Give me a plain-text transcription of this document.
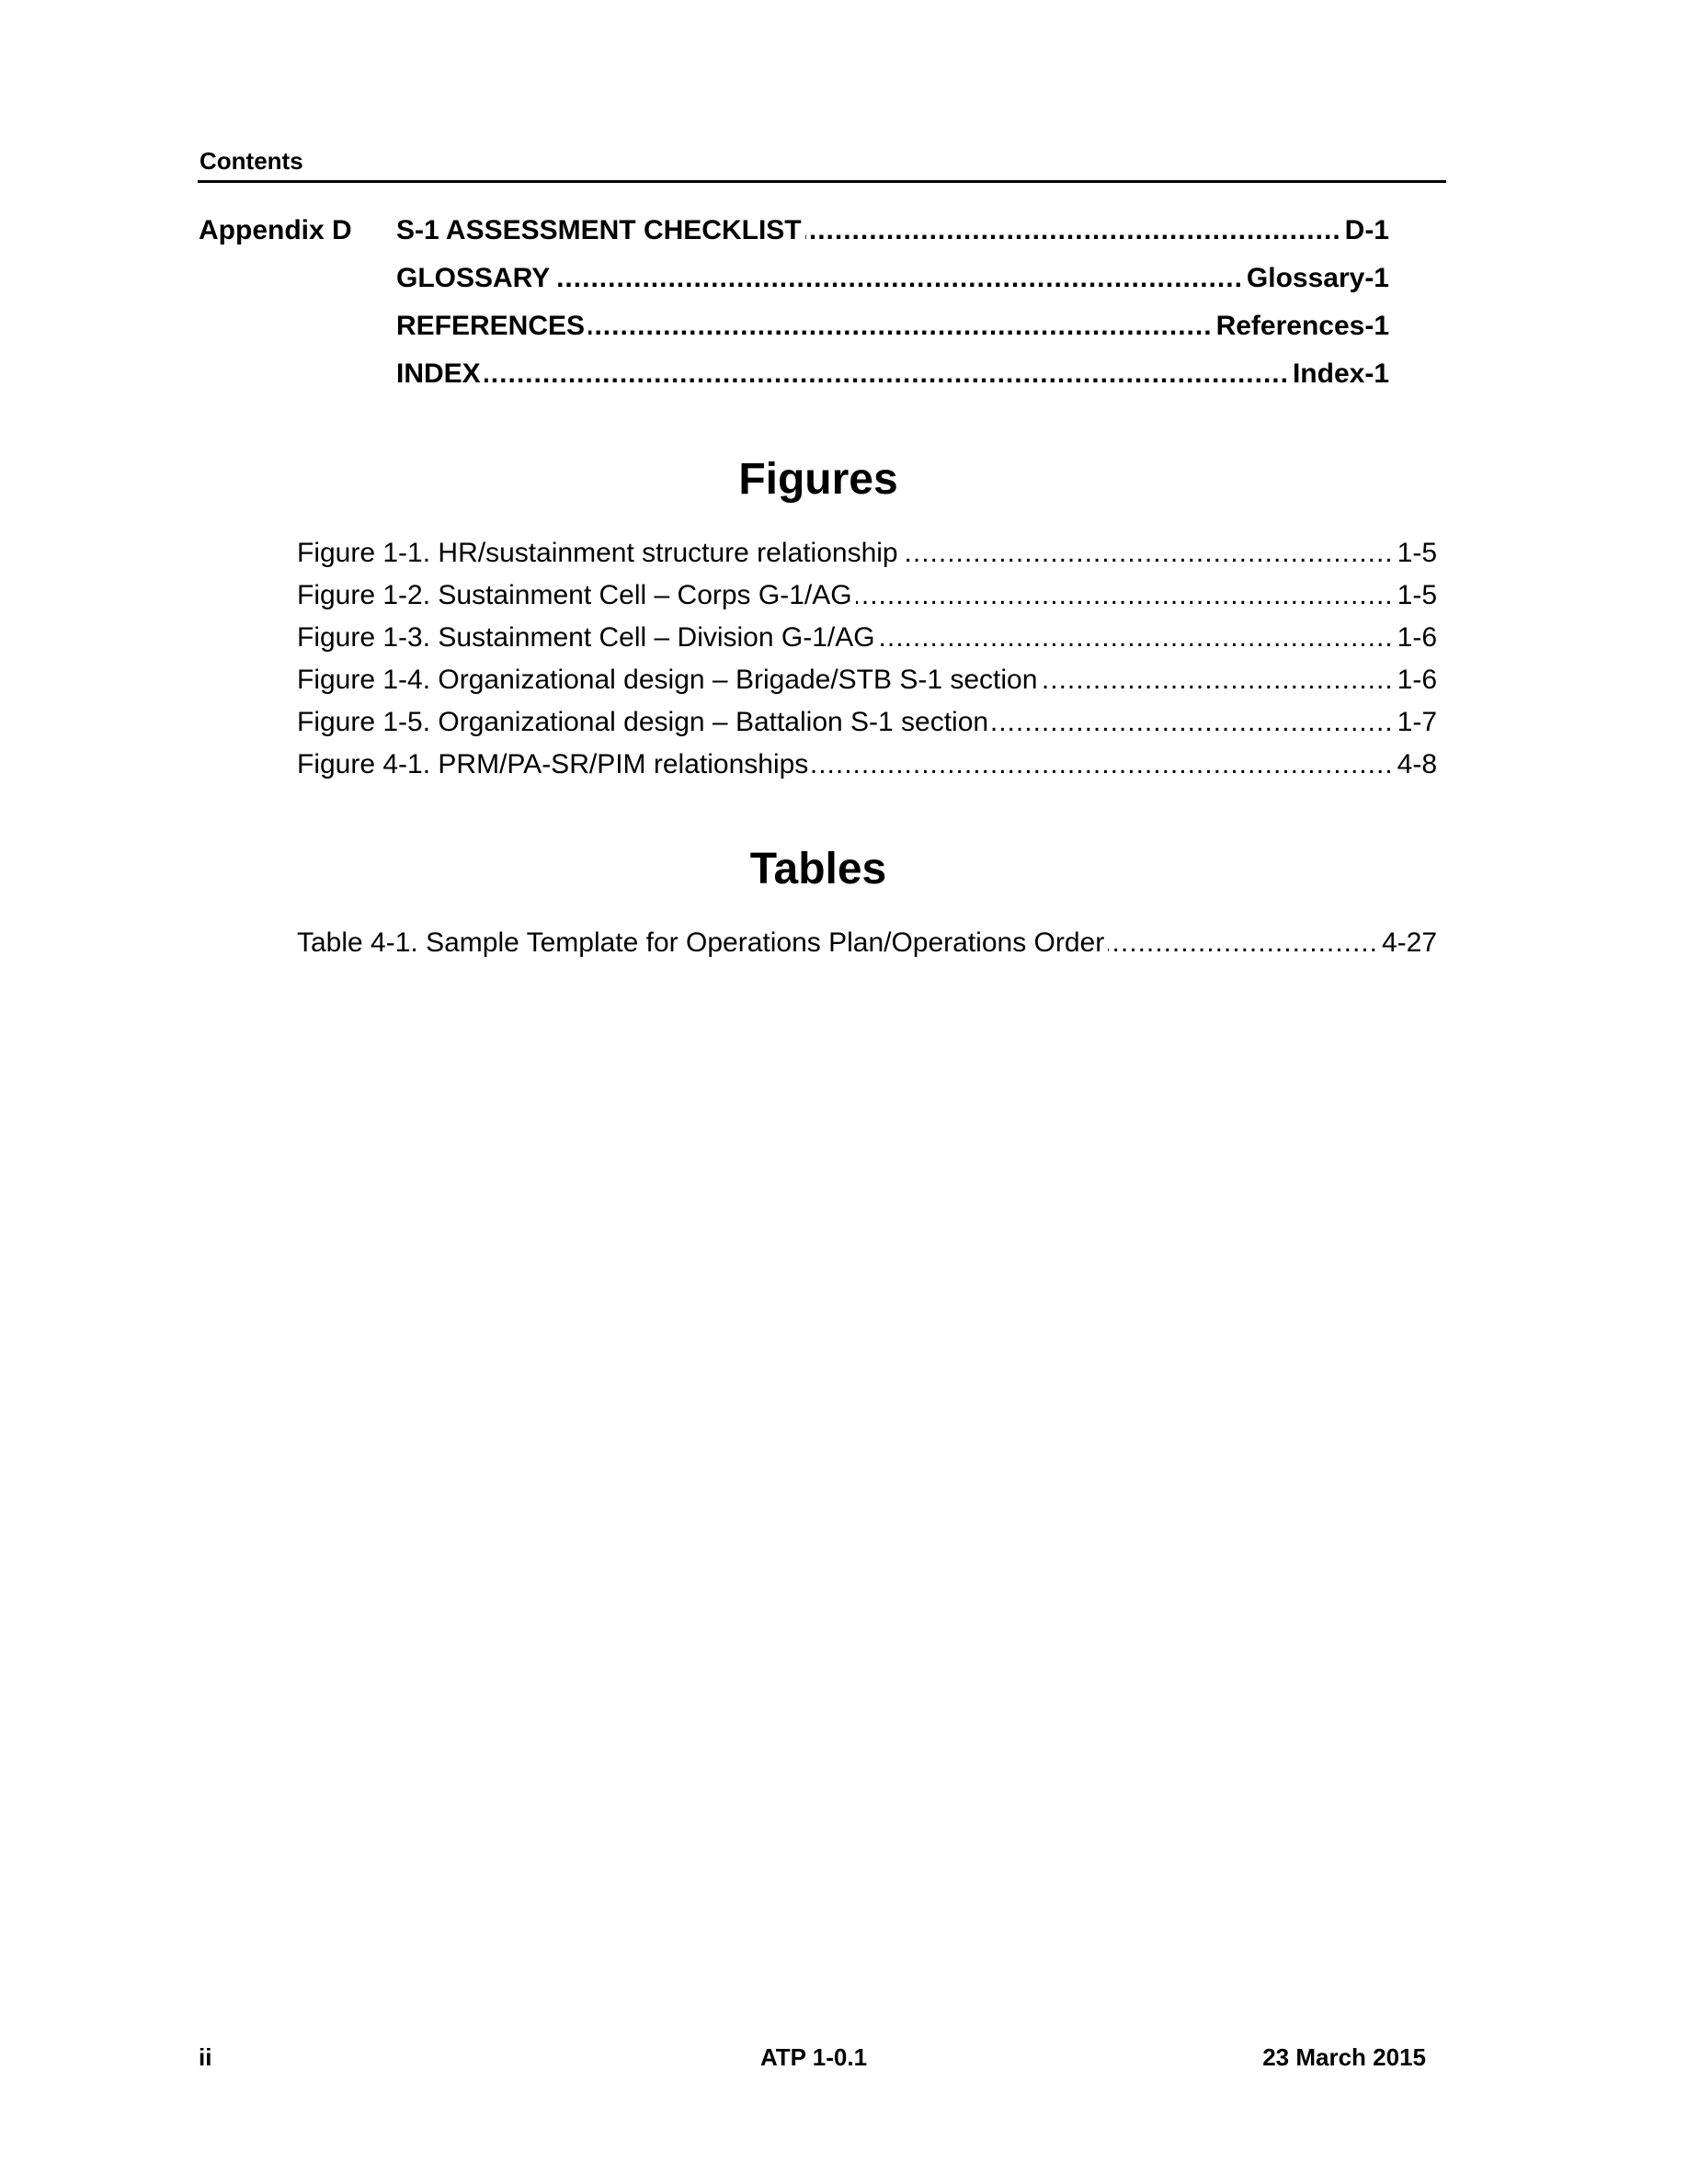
Contents
Appendix D S-1 ASSESSMENT CHECKLIST .....	D-1
GLOSSARY .....	Glossary-1
REFERENCES .....	References-1
INDEX .....	Index-1
Figures
Figure 1-1. HR/sustainment structure relationship .....	1-5
Figure 1-2. Sustainment Cell – Corps G-1/AG .....	1-5
Figure 1-3. Sustainment Cell – Division G-1/AG .....	1-6
Figure 1-4. Organizational design – Brigade/STB S-1 section .....	1-6
Figure 1-5. Organizational design – Battalion S-1 section .....	1-7
Figure 4-1. PRM/PA-SR/PIM relationships .....	4-8
Tables
Table 4-1. Sample Template for Operations Plan/Operations Order .....	4-27
ii	ATP 1-0.1	23 March 2015
